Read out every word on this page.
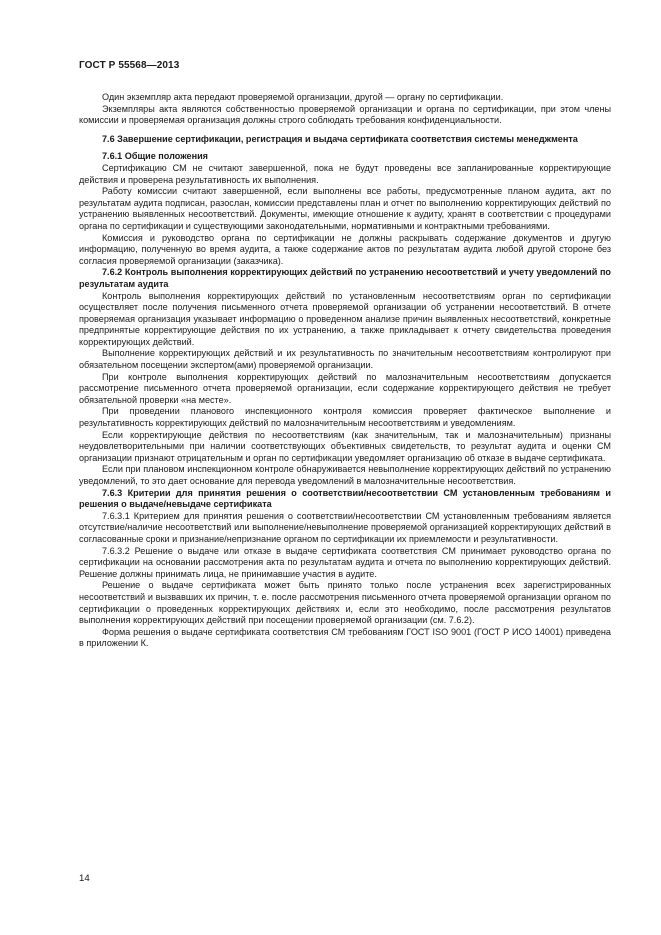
ГОСТ Р 55568—2013

Один экземпляр акта передают проверяемой организации, другой — органу по сертификации.

Экземпляры акта являются собственностью проверяемой организации и органа по сертификации, при этом члены комиссии и проверяемая организация должны строго соблюдать требования конфиденциальности.

7.6 Завершение сертификации, регистрация и выдача сертификата соответствия системы менеджмента

7.6.1 Общие положения

Сертификацию СМ не считают завершенной, пока не будут проведены все запланированные корректирующие действия и проверена результативность их выполнения.

Работу комиссии считают завершенной, если выполнены все работы, предусмотренные планом аудита, акт по результатам аудита подписан, разослан, комиссии представлены план и отчет по выполнению корректирующих действий по устранению выявленных несоответствий. Документы, имеющие отношение к аудиту, хранят в соответствии с процедурами органа по сертификации и существующими законодательными, нормативными и контрактными требованиями.

Комиссия и руководство органа по сертификации не должны раскрывать содержание документов и другую информацию, полученную во время аудита, а также содержание актов по результатам аудита любой другой стороне без согласия проверяемой организации (заказчика).

7.6.2 Контроль выполнения корректирующих действий по устранению несоответствий и учету уведомлений по результатам аудита

Контроль выполнения корректирующих действий по установленным несоответствиям орган по сертификации осуществляет после получения письменного отчета проверяемой организации об устранении несоответствий. В отчете проверяемая организация указывает информацию о проведенном анализе причин выявленных несоответствий, конкретные предпринятые корректирующие действия по их устранению, а также прикладывает к отчету свидетельства проведения корректирующих действий.

Выполнение корректирующих действий и их результативность по значительным несоответствиям контролируют при обязательном посещении экспертом(ами) проверяемой организации.

При контроле выполнения корректирующих действий по малозначительным несоответствиям допускается рассмотрение письменного отчета проверяемой организации, если содержание корректирующего действия не требует обязательной проверки «на месте».

При проведении планового инспекционного контроля комиссия проверяет фактическое выполнение и результативность корректирующих действий по малозначительным несоответствиям и уведомлениям.

Если корректирующие действия по несоответствиям (как значительным, так и малозначительным) признаны неудовлетворительными при наличии соответствующих объективных свидетельств, то результат аудита и оценки СМ организации признают отрицательным и орган по сертификации уведомляет организацию об отказе в выдаче сертификата.

Если при плановом инспекционном контроле обнаруживается невыполнение корректирующих действий по устранению уведомлений, то это дает основание для перевода уведомлений в малозначительные несоответствия.

7.6.3 Критерии для принятия решения о соответствии/несоответствии СМ установленным требованиям и решения о выдаче/невыдаче сертификата

7.6.3.1 Критерием для принятия решения о соответствии/несоответствии СМ установленным требованиям является отсутствие/наличие несоответствий или выполнение/невыполнение проверяемой организацией корректирующих действий в согласованные сроки и признание/непризнание органом по сертификации их приемлемости и результативности.

7.6.3.2 Решение о выдаче или отказе в выдаче сертификата соответствия СМ принимает руководство органа по сертификации на основании рассмотрения акта по результатам аудита и отчета по выполнению корректирующих действий. Решение должны принимать лица, не принимавшие участия в аудите.

Решение о выдаче сертификата может быть принято только после устранения всех зарегистрированных несоответствий и вызвавших их причин, т. е. после рассмотрения письменного отчета проверяемой организации органом по сертификации о проведенных корректирующих действиях и, если это необходимо, после рассмотрения результатов выполнения корректирующих действий при посещении проверяемой организации (см. 7.6.2).

Форма решения о выдаче сертификата соответствия СМ требованиям ГОСТ ISO 9001 (ГОСТ Р ИСО 14001) приведена в приложении К.

14
